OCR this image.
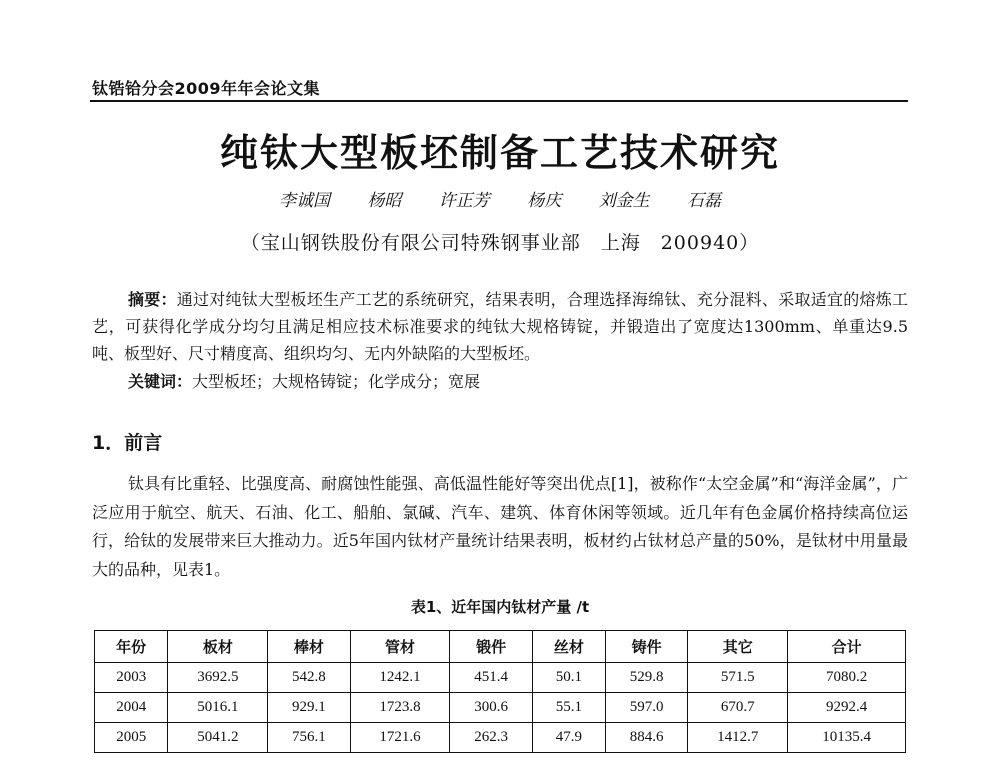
钛锆铪分会2009年年会论文集
纯钛大型板坯制备工艺技术研究
李诚国 杨昭 许正芳 杨庆 刘金生 石磊
（宝山钢铁股份有限公司特殊钢事业部　上海　200940）
摘要：通过对纯钛大型板坯生产工艺的系统研究，结果表明，合理选择海绵钛、充分混料、采取适宜的熔炼工艺，可获得化学成分均匀且满足相应技术标准要求的纯钛大规格铸锭，并锻造出了宽度达1300mm、单重达9.5吨、板型好、尺寸精度高、组织均匀、无内外缺陷的大型板坯。
关键词：大型板坯；大规格铸锭；化学成分；宽展
1．前言
钛具有比重轻、比强度高、耐腐蚀性能强、高低温性能好等突出优点[1]，被称作“太空金属”和“海洋金属”，广泛应用于航空、航天、石油、化工、船舶、氯碱、汽车、建筑、体育休闲等领域。近几年有色金属价格持续高位运行，给钛的发展带来巨大推动力。近5年国内钛材产量统计结果表明，板材约占钛材总产量的50%，是钛材中用量最大的品种，见表1。
表1、近年国内钛材产量 /t
年份	板材	棒材	管材	锻件	丝材	铸件	其它	合计
2003	3692.5	542.8	1242.1	451.4	50.1	529.8	571.5	7080.2
2004	5016.1	929.1	1723.8	300.6	55.1	597.0	670.7	9292.4
2005	5041.2	756.1	1721.6	262.3	47.9	884.6	1412.7	10135.4
